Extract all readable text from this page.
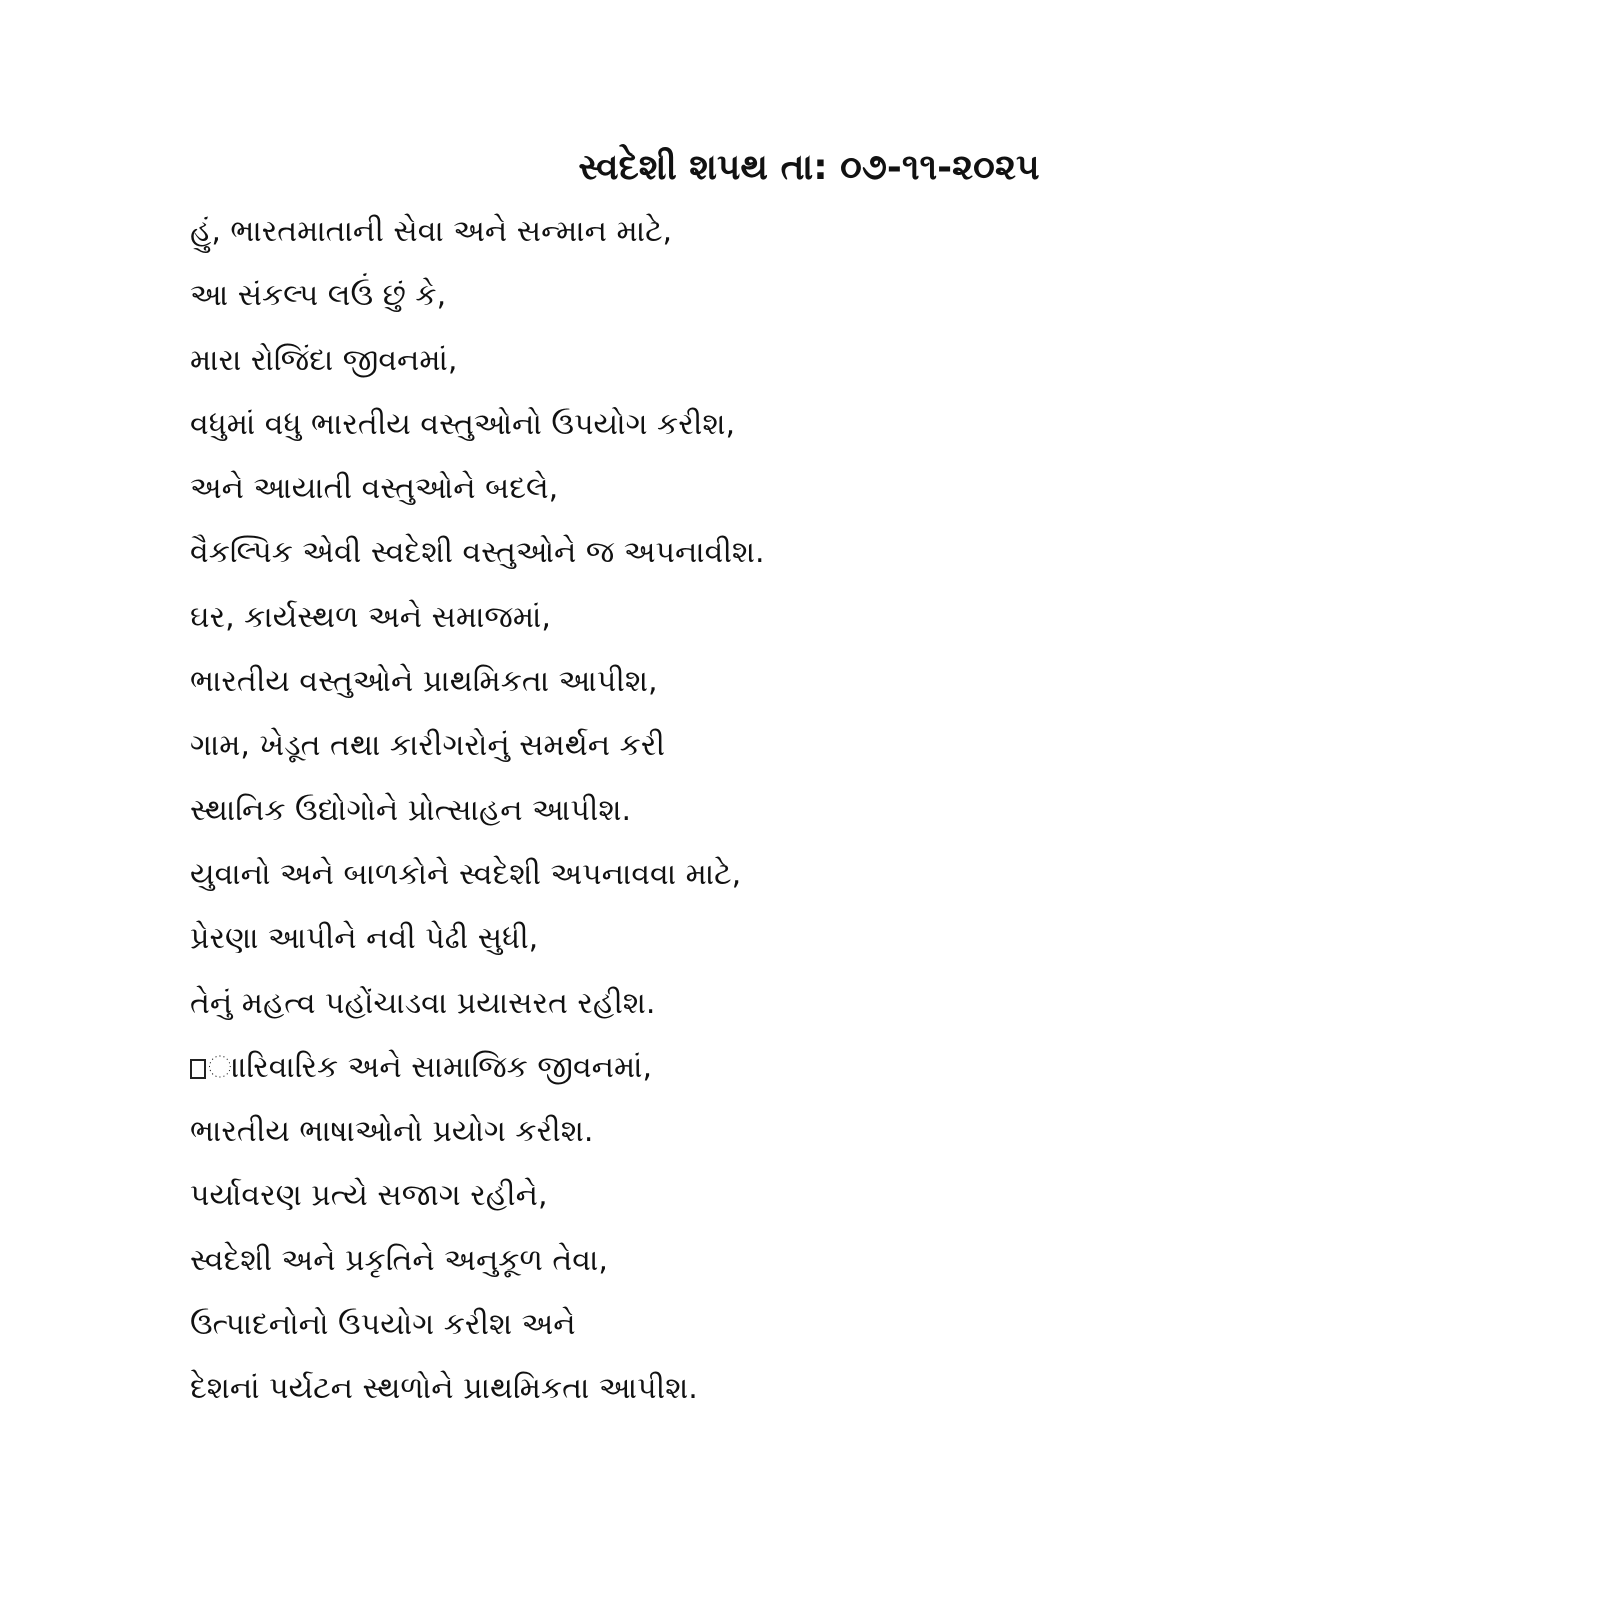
સ્વદેશી શપથ તા: ૦૭-૧૧-૨૦૨૫
હું, ભારતમાતાની સેવા અને સન્માન માટે,
આ સંકલ્પ લઉં છું કે,
મારા રોજિંદા જીવનમાં,
વધુમાં વધુ ભારતીય વસ્તુઓનો ઉપયોગ કરીશ,
અને આયાતી વસ્તુઓને બદલે,
વૈકલ્પિક એવી સ્વદેશી વસ્તુઓને જ અપનાવીશ.
ઘર, કાર્યસ્થળ અને સમાજમાં,
ભારતીય વસ્તુઓને પ્રાથમિકતા આપીશ,
ગામ, ખેડૂત તથા કારીગરોનું સમર્થન કરી
સ્થાનિક ઉદ્યોગોને પ્રોત્સાહન આપીશ.
યુવાનો અને બાળકોને સ્વદેશી અપનાવવા માટે,
પ્રેરણા આપીને નવી પેઢી સુધી,
તેનું મહત્વ પહોંચાડવા પ્રયાસરત રહીશ.
ાારિવારિક અને સામાજિક જીવનમાં,
ભારતીય ભાષાઓનો પ્રયોગ કરીશ.
પર્યાવરણ પ્રત્યે સજાગ રહીને,
સ્વદેશી અને પ્રકૃતિને અનુકૂળ તેવા,
ઉત્પાદનોનો ઉપયોગ કરીશ અને
દેશનાં પર્યટન સ્થળોને પ્રાથમિકતા આપીશ.
